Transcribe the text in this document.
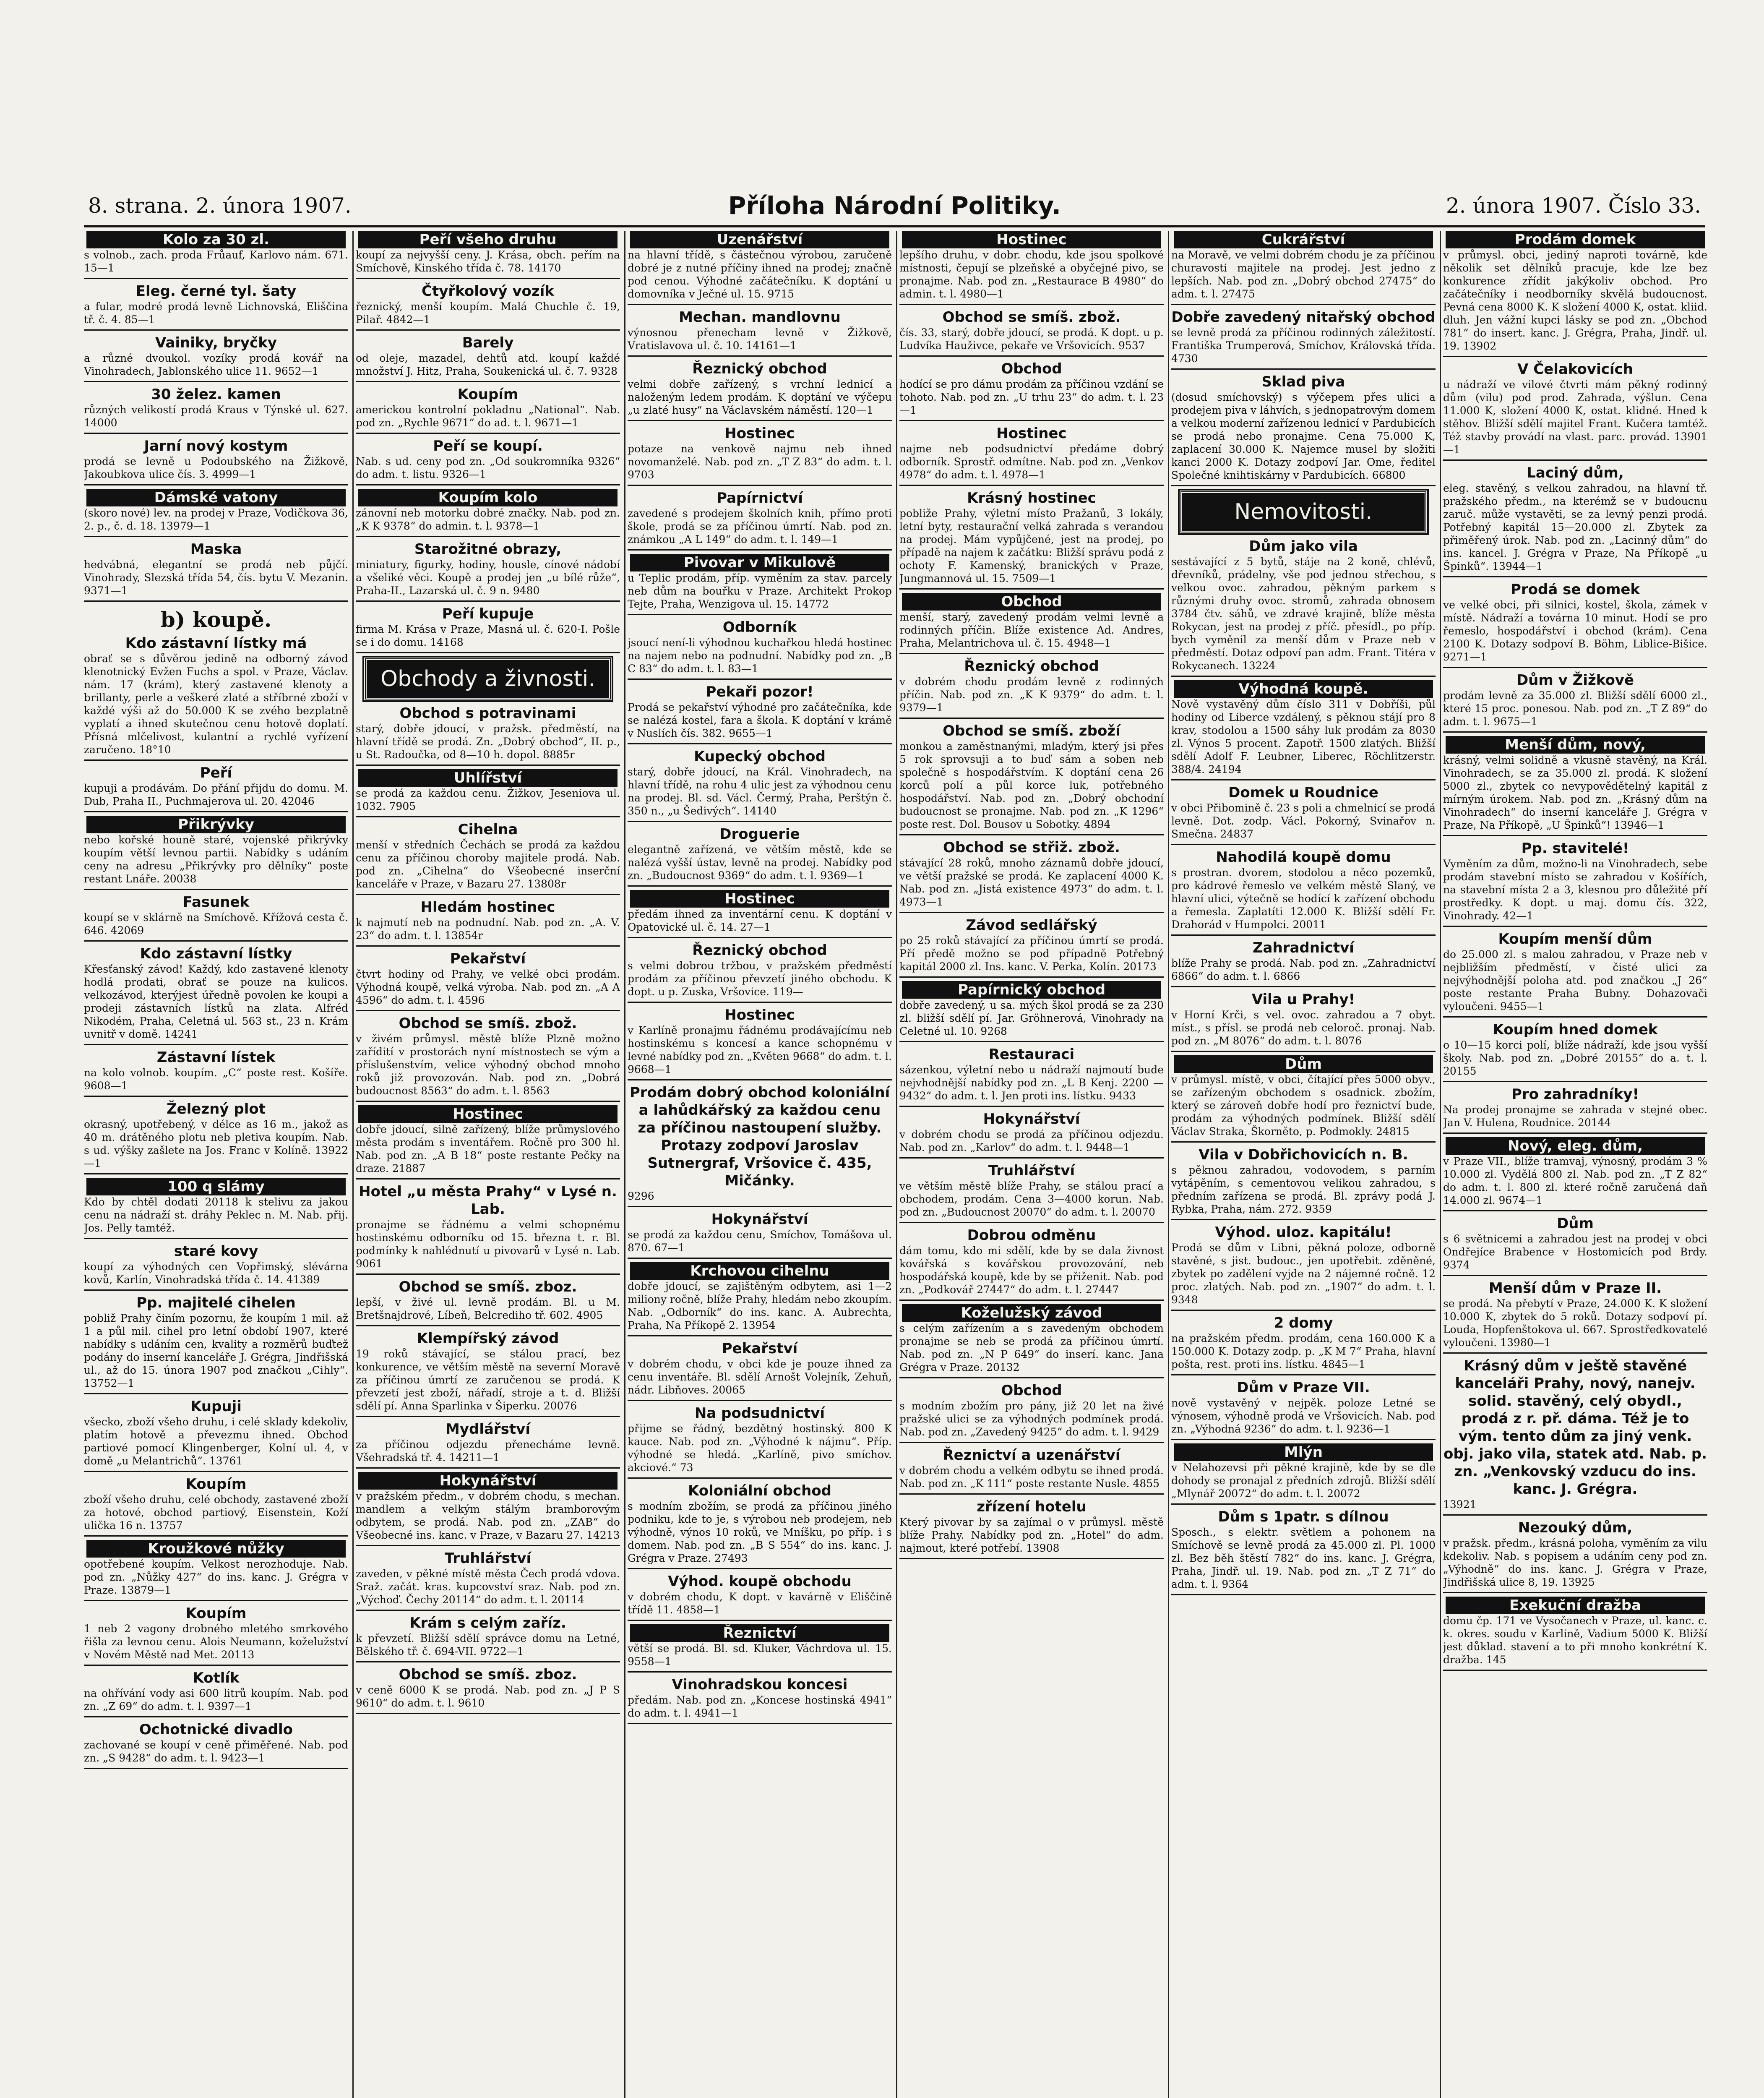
8. strana. 2. února 1907.	Příloha Národní Politiky.	2. února 1907. Číslo 33.
Kolo za 30 zl.
s volnob., zach. proda Frůauf, Karlovo nám. 671. 15—1
Eleg. černé tyl. šaty
a fular, modré prodá levně Lichnovská, Eliščina tř. č. 4. 85—1
Vainiky, bryčky
a různé dvoukol. vozíky prodá kovář na Vinohradech, Jablonského ulice 11. 9652—1
30 želez. kamen
různých velikostí prodá Kraus v Týnské ul. 627. 14000
Jarní nový kostym
prodá se levně u Podoubského na Žižkově, Jakoubkova ulice čís. 3. 4999—1
Dámské vatony
(skoro nové) lev. na prodej v Praze, Vodičkova 36, 2. p., č. d. 18. 13979—1
Maska
hedvábná, elegantní se prodá neb půjčí. Vinohrady, Slezská třída 54, čís. bytu V. Mezanin. 9371—1
b) koupě.
Kdo zástavní lístky má
obrať se s důvěrou jedině na odborný závod klenotnický Evžen Fuchs a spol. v Praze, Václav. nám. 17 (krám), který zastavené klenoty a brillanty, perle a veškeré zlaté a stříbrné zboží v každé výši až do 50.000 K se zvého bezplatně vyplatí a ihned skutečnou cenu hotově doplatí. Přísná mlčelivost, kulantní a rychlé vyřízení zaručeno. 18°10
Peří
kupuji a prodávám. Do přání přijdu do domu. M. Dub, Praha II., Puchmajerova ul. 20. 42046
Přikrývky
nebo kořské houně staré, vojenské přikrývky koupím větší levnou partii. Nabídky s udáním ceny na adresu „Přikrývky pro dělníky“ poste restant Lnáře. 20038
Fasunek
koupí se v sklárně na Smíchově. Křížová cesta č. 646. 42069
Kdo zástavní lístky
Křesťanský závod! Každý, kdo zastavené klenoty hodlá prodati, obrať se pouze na kulicos. velkozávod, kterýjest úředně povolen ke koupi a prodeji zástavních lístků na zlata. Alfréd Nikodém, Praha, Celetná ul. 563 st., 23 n. Krám uvnitř v domě. 14241
Zástavní lístek
na kolo volnob. koupím. „C“ poste rest. Košíře. 9608—1
Železný plot
okrasný, upotřebený, v délce as 16 m., jakož as 40 m. drátěného plotu neb pletiva koupím. Nab. s ud. výšky zašlete na Jos. Franc v Kolíně. 13922—1
100 q slámy
Kdo by chtěl dodati 20118 k stelivu za jakou cenu na nádraží st. dráhy Peklec n. M. Nab. přij. Jos. Pelly tamtéž.
staré kovy
koupí za výhodných cen Vopřimský, slévárna kovů, Karlín, Vinohradská třída č. 14. 41389
Pp. majitelé cihelen
pobliž Prahy činím pozornu, že koupím 1 mil. až 1 a půl mil. cihel pro letní období 1907, které nabídky s udáním cen, kvality a rozměrů buďtež podány do inserní kanceláře J. Grégra, Jindřišská ul., až do 15. února 1907 pod značkou „Cihly“. 13752—1
Kupuji
všecko, zboží všeho druhu, i celé sklady kdekoliv, platím hotově a převezmu ihned. Obchod partiové pomocí Klingenberger, Kolní ul. 4, v domě „u Melantrichů“. 13761
Koupím
zboží všeho druhu, celé obchody, zastavené zboží za hotové, obchod partiový, Eisenstein, Koží ulička 16 n. 13757
Kroužkové nůžky
opotřebené koupím. Velkost nerozhoduje. Nab. pod zn. „Nůžky 427“ do ins. kanc. J. Grégra v Praze. 13879—1
Koupím
1 neb 2 vagony drobného mletého smrkového řišla za levnou cenu. Alois Neumann, koželužství v Novém Městě nad Met. 20113
Kotlík
na ohřívání vody asi 600 litrů koupím. Nab. pod zn. „Z 69“ do adm. t. l. 9397—1
Ochotnické divadlo
zachované se koupí v ceně přiměřené. Nab. pod zn. „S 9428“ do adm. t. l. 9423—1
Peří všeho druhu
koupí za nejvyšší ceny. J. Krása, obch. peřím na Smíchově, Kinského třída č. 78. 14170
Čtyřkolový vozík
řeznický, menší koupím. Malá Chuchle č. 19, Pilař. 4842—1
Barely
od oleje, mazadel, dehtů atd. koupí každé množství J. Hitz, Praha, Soukenická ul. č. 7. 9328
Koupím
americkou kontrolní pokladnu „National“. Nab. pod zn. „Rychle 9671“ do ad. t. l. 9671—1
Peří se koupí.
Nab. s ud. ceny pod zn. „Od soukromníka 9326“ do adm. t. listu. 9326—1
Koupím kolo
zánovní neb motorku dobré značky. Nab. pod zn. „K K 9378“ do admin. t. l. 9378—1
Starožitné obrazy,
miniatury, figurky, hodiny, housle, cínové nádobí a všeliké věci. Koupě a prodej jen „u bílé růže“, Praha-II., Lazarská ul. č. 9 n. 9480
Peří kupuje
firma M. Krása v Praze, Masná ul. č. 620-I. Pošle se i do domu. 14168
Obchody a živnosti.
Obchod s potravinami
starý, dobře jdoucí, v pražsk. předměstí, na hlavní třídě se prodá. Zn. „Dobrý obchod“, II. p., u St. Radoučka, od 8—10 h. dopol. 8885r
Uhlířství
se prodá za každou cenu. Žižkov, Jeseniova ul. 1032. 7905
Cihelna
menší v středních Čechách se prodá za každou cenu za příčinou choroby majitele prodá. Nab. pod zn. „Cihelna“ do Všeobecné inserční kanceláře v Praze, v Bazaru 27. 13808r
Hledám hostinec
k najmutí neb na podnudní. Nab. pod zn. „A. V. 23“ do adm. t. l. 13854r
Pekařství
čtvrt hodiny od Prahy, ve velké obci prodám. Výhodná koupě, velká výroba. Nab. pod zn. „A A 4596“ do adm. t. l. 4596
Obchod se smíš. zbož.
v živém průmysl. městě blíže Plzně možno zařídití v prostorách nyní místnostech se vým a příslušenstvím, velice výhodný obchod mnoho roků již provozován. Nab. pod zn. „Dobrá budoucnost 8563“ do adm. t. l. 8563
Hostinec
dobře jdoucí, silně zařízený, blíže průmyslového města prodám s inventářem. Ročně pro 300 hl. Nab. pod zn. „A B 18“ poste restante Pečky na draze. 21887
Hotel „u města Prahy“ v Lysé n. Lab.
pronajme se řádnému a velmi schopnému hostinskému odborníku od 15. března t. r. Bl. podmínky k nahlédnutí u pivovarů v Lysé n. Lab. 9061
Obchod se smíš. zboz.
lepší, v živé ul. levně prodám. Bl. u M. Bretšnajdrové, Líbeň, Belcrediho tř. 602. 4905
Klempířský závod
19 roků stávající, se stálou prací, bez konkurence, ve větším městě na severní Moravě za příčinou úmrtí ze zaručenou se prodá. K převzetí jest zboží, nářadí, stroje a t. d. Bližší sdělí pí. Anna Sparlinka v Šiperku. 20076
Mydlářství
za příčinou odjezdu přenecháme levně. Všehradská tř. 4. 14211—1
Hokynářství
v pražském předm., v dobrém chodu, s mechan. mandlem a velkým stálým bramborovým odbytem, se prodá. Nab. pod zn. „ZAB“ do Všeobecné ins. kanc. v Praze, v Bazaru 27. 14213
Truhlářství
zaveden, v pěkné místě města Čech prodá vdova. Sraž. začát. kras. kupcovství sraz. Nab. pod zn. „Výchoď. Čechy 20114“ do adm. t. l. 20114
Krám s celým zaříz.
k převzetí. Bližší sdělí správce domu na Letné, Bělského tř. č. 694-VII. 9722—1
Obchod se smíš. zboz.
v ceně 6000 K se prodá. Nab. pod zn. „J P S 9610“ do adm. t. l. 9610
Uzenářství
na hlavní třídě, s částečnou výrobou, zaručeně dobré je z nutné příčiny ihned na prodej; značně pod cenou. Výhodné začátečníku. K doptání u domovníka v Ječné ul. 15. 9715
Mechan. mandlovnu
výnosnou přenecham levně v Žižkově, Vratislavova ul. č. 10. 14161—1
Řeznický obchod
velmi dobře zařízený, s vrchní lednicí a naloženým ledem prodám. K doptání ve výčepu „u zlaté husy“ na Václavském náměstí. 120—1
Hostinec
potaze na venkově najmu neb ihned novomanželé. Nab. pod zn. „T Z 83“ do adm. t. l. 9703
Papírnictví
zavedené s prodejem školních knih, přímo proti škole, prodá se za příčinou úmrtí. Nab. pod zn. známkou „A L 149“ do adm. t. l. 149—1
Pivovar v Mikulově
u Teplic prodám, příp. vyměním za stav. parcely neb dům na bouřku v Praze. Architekt Prokop Tejte, Praha, Wenzigova ul. 15. 14772
Odborník
jsoucí není-li výhodnou kuchařkou hledá hostinec na najem nebo na podnudní. Nabídky pod zn. „B C 83“ do adm. t. l. 83—1
Pekaři pozor!
Prodá se pekařství výhodné pro začátečníka, kde se nalézá kostel, fara a škola. K doptání v krámě v Nuslích čís. 382. 9655—1
Kupecký obchod
starý, dobře jdoucí, na Král. Vinohradech, na hlavní třídě, na rohu 4 ulic jest za výhodnou cenu na prodej. Bl. sd. Václ. Čermý, Praha, Perštýn č. 350 n., „u Šedivých“. 14140
Droguerie
elegantně zařízená, ve větším městě, kde se nalézá vyšší ústav, levně na prodej. Nabídky pod zn. „Budoucnost 9369“ do adm. t. l. 9369—1
Hostinec
předám ihned za inventární cenu. K doptání v Opatovické ul. č. 14. 27—1
Řeznický obchod
s velmi dobrou tržbou, v pražském předměstí prodám za příčinou převzetí jiného obchodu. K dopt. u p. Zuska, Vršovice. 119—
Hostinec
v Karlíně pronajmu řádnému prodávajícímu neb hostinskému s koncesí a kance schopnému v levné nabídky pod zn. „Květen 9668“ do adm. t. l. 9668—1
Prodám dobrý obchod koloniální a lahůdkářský za každou cenu za příčinou nastoupení služby. Protazy zodpoví Jaroslav Sutnergraf, Vršovice č. 435, Mičánky.
9296
Hokynářství
se prodá za každou cenu, Smíchov, Tomášova ul. 870. 67—1
Krchovou cihelnu
dobře jdoucí, se zajištěným odbytem, asi 1—2 miliony ročně, blíže Prahy, hledám nebo zkoupím. Nab. „Odborník“ do ins. kanc. A. Aubrechta, Praha, Na Příkopě 2. 13954
Pekařství
v dobrém chodu, v obci kde je pouze ihned za cenu inventáře. Bl. sdělí Arnošt Volejník, Zehuň, nádr. Libňoves. 20065
Na podsudnictví
přijme se řádný, bezdětný hostinský. 800 K kauce. Nab. pod zn. „Výhodné k nájmu“. Příp. výhodné se hledá. „Karlíně, pivo smíchov. akciové.“ 73
Koloniální obchod
s modním zbožím, se prodá za příčinou jiného podniku, kde to je, s výrobou neb prodejem, neb výhodně, výnos 10 roků, ve Mníšku, po příp. i s domem. Nab. pod zn. „B S 554“ do ins. kanc. J. Grégra v Praze. 27493
Výhod. koupě obchodu
v dobrém chodu, K dopt. v kavárně v Eliščině třídě 11. 4858—1
Řeznictví
větší se prodá. Bl. sd. Kluker, Váchrdova ul. 15. 9558—1
Vinohradskou koncesi
předám. Nab. pod zn. „Koncese hostinská 4941“ do adm. t. l. 4941—1
Hostinec
lepšího druhu, v dobr. chodu, kde jsou spolkové místnosti, čepují se plzeňské a obyčejné pivo, se pronajme. Nab. pod zn. „Restaurace B 4980“ do admin. t. l. 4980—1
Obchod se smíš. zbož.
čís. 33, starý, dobře jdoucí, se prodá. K dopt. u p. Ludvíka Hauživce, pekaře ve Vršovicích. 9537
Obchod
hodící se pro dámu prodám za příčinou vzdání se tohoto. Nab. pod zn. „U trhu 23“ do adm. t. l. 23—1
Hostinec
najme neb podsudnictví předáme dobrý odborník. Sprostř. odmítne. Nab. pod zn. „Venkov 4978“ do adm. t. l. 4978—1
Krásný hostinec
pobliže Prahy, výletní místo Pražanů, 3 lokály, letní byty, restaurační velká zahrada s verandou na prodej. Mám vypůjčené, jest na prodej, po případě na najem k začátku: Bližší správu podá z ochoty F. Kamenský, branických v Praze, Jungmannová ul. 15. 7509—1
Obchod
menší, starý, zavedený prodám velmi levně a rodinných příčin. Blíže existence Ad. Andres, Praha, Melantrichova ul. č. 15. 4948—1
Řeznický obchod
v dobrém chodu prodám levně z rodinných příčin. Nab. pod zn. „K K 9379“ do adm. t. l. 9379—1
Obchod se smíš. zboží
monkou a zaměstnanými, mladým, který jsi přes 5 rok sprovsuji a to buď sám a soben neb společně s hospodářstvím. K doptání cena 26 korců polí a půl korce luk, potřebného hospodářství. Nab. pod zn. „Dobrý obchodní budoucnost se pronajme. Nab. pod zn. „K 1296“ poste rest. Dol. Bousov u Sobotky. 4894
Obchod se střiž. zbož.
stávající 28 roků, mnoho záznamů dobře jdoucí, ve větší pražské se prodá. Ke zaplacení 4000 K. Nab. pod zn. „Jistá existence 4973“ do adm. t. l. 4973—1
Závod sedlářský
po 25 roků stávající za příčinou úmrtí se prodá. Pří předě možno se pod případně Potřebný kapitál 2000 zl. Ins. kanc. V. Perka, Kolín. 20173
Papírnický obchod
dobře zavedený, u sa. mých škol prodá se za 230 zl. bližší sdělí pí. Jar. Gröhnerová, Vinohrady na Celetné ul. 10. 9268
Restauraci
sázenkou, výletní nebo u nádraží najmoutí bude nejvhodnější nabídky pod zn. „L B Kenj. 2200 — 9432“ do adm. t. l. Jen proti ins. lístku. 9433
Hokynářství
v dobrém chodu se prodá za příčinou odjezdu. Nab. pod zn. „Karlov“ do adm. t. l. 9448—1
Truhlářství
ve větším městě blíže Prahy, se stálou prací a obchodem, prodám. Cena 3—4000 korun. Nab. pod zn. „Budoucnost 20070“ do adm. t. l. 20070
Dobrou odměnu
dám tomu, kdo mi sdělí, kde by se dala živnost kovářská s kovářskou provozování, neb hospodářská koupě, kde by se přiženit. Nab. pod zn. „Podkovář 27447“ do adm. t. l. 27447
Koželužský závod
s celým zařízením a s zavedeným obchodem pronajme se neb se prodá za příčinou úmrtí. Nab. pod zn. „N P 649“ do inserí. kanc. Jana Grégra v Praze. 20132
Obchod
s modním zbožím pro pány, již 20 let na živé pražské ulici se za výhodných podmínek prodá. Nab. pod zn. „Zavedený 9425“ do adm. t. l. 9429
Řeznictví a uzenářství
v dobrém chodu a velkém odbytu se ihned prodá. Nab. pod zn. „K 111“ poste restante Nusle. 4855
zřízení hotelu
Který pivovar by sa zajímal o v průmysl. městě blíže Prahy. Nabídky pod zn. „Hotel“ do adm. najmout, které potřebí. 13908
Cukrářství
na Moravě, ve velmi dobrém chodu je za příčinou churavosti majitele na prodej. Jest jedno z lepších. Nab. pod zn. „Dobrý obchod 27475“ do adm. t. l. 27475
Dobře zavedený nitařský obchod
se levně prodá za příčinou rodinných záležitostí. Františka Trumperová, Smíchov, Královská třída. 4730
Sklad piva
(dosud smíchovský) s výčepem přes ulici a prodejem piva v láhvích, s jednopatrovým domem a velkou moderní zařízenou lednicí v Pardubicích se prodá nebo pronajme. Cena 75.000 K, zaplacení 30.000 K. Najemce musel by složiti kanci 2000 K. Dotazy zodpoví Jar. Ome, ředitel Společné knihtiskárny v Pardubicích. 66800
Nemovitosti.
Dům jako vila
sestávající z 5 bytů, stáje na 2 koně, chlévů, dřevníků, prádelny, vše pod jednou střechou, s velkou ovoc. zahradou, pěkným parkem s různými druhy ovoc. stromů, zahrada obnosem 3784 čtv. sáhů, ve zdravé krajině, blíže města Rokycan, jest na prodej z příč. přesídl., po příp. bych vyměnil za menší dům v Praze neb v předměstí. Dotaz odpoví pan adm. Frant. Titéra v Rokycanech. 13224
Výhodná koupě.
Nově vystavěný dům číslo 311 v Dobříši, půl hodiny od Liberce vzdálený, s pěknou stájí pro 8 krav, stodolou a 1500 sáhy luk prodám za 8030 zl. Výnos 5 procent. Zapotř. 1500 zlatých. Bližší sdělí Adolf F. Leubner, Liberec, Röchlitzerstr. 388/4. 24194
Domek u Roudnice
v obci Přibomině č. 23 s poli a chmelnicí se prodá levně. Dot. zodp. Václ. Pokorný, Svinařov n. Smečna. 24837
Nahodilá koupě domu
s prostran. dvorem, stodolou a něco pozemků, pro kádrové řemeslo ve velkém městě Slaný, ve hlavní ulici, výtečně se hodící k zařízení obchodu a řemesla. Zaplatíti 12.000 K. Bližší sdělí Fr. Drahorád v Humpolci. 20011
Zahradnictví
blíže Prahy se prodá. Nab. pod zn. „Zahradnictví 6866“ do adm. t. l. 6866
Vila u Prahy!
v Horní Krči, s vel. ovoc. zahradou a 7 obyt. míst., s přísl. se prodá neb celoroč. pronaj. Nab. pod zn. „M 8076“ do adm. t. l. 8076
Dům
v průmysl. místě, v obci, čítající přes 5000 obyv., se zařízeným obchodem s osadnick. zbožím, který se zároveň dobře hodí pro řeznictví bude, prodám za výhodných podmínek. Bližší sdělí Václav Straka, Škorněto, p. Podmokly. 24815
Vila v Dobřichovicích n. B.
s pěknou zahradou, vodovodem, s parním vytápěním, s cementovou velikou zahradou, s předním zařízena se prodá. Bl. zprávy podá J. Rybka, Praha, nám. 272. 9359
Výhod. uloz. kapitálu!
Prodá se dům v Libni, pěkná poloze, odborně stavěné, s jist. budouc., jen upotřebit. zděněné, zbytek po zadělení vyjde na 2 nájemné ročně. 12 proc. zlatých. Nab. pod zn. „1907“ do adm. t. l. 9348
2 domy
na pražském předm. prodám, cena 160.000 K a 150.000 K. Dotazy zodp. p. „K M 7“ Praha, hlavní pošta, rest. proti ins. lístku. 4845—1
Dům v Praze VII.
nově vystavěný v nejpěk. poloze Letné se výnosem, výhodně prodá ve Vršovicích. Nab. pod zn. „Výhodná 9236“ do adm. t. l. 9236—1
Mlýn
v Nelahozevsi při pěkné krajině, kde by se dle dohody se pronajal z předních zdrojů. Bližší sdělí „Mlynář 20072“ do adm. t. l. 20072
Dům s 1patr. s dílnou
Sposch., s elektr. světlem a pohonem na Smíchově se levně prodá za 45.000 zl. Pl. 1000 zl. Bez běh štěstí 782“ do ins. kanc. J. Grégra, Praha, Jindř. ul. 19. Nab. pod zn. „T Z 71“ do adm. t. l. 9364
Prodám domek
v průmysl. obci, jediný naproti továrně, kde několik set dělníků pracuje, kde lze bez konkurence zřídit jakýkoliv obchod. Pro začátečníky i neodborníky skvělá budoucnost. Pevná cena 8000 K. K složení 4000 K, ostat. kliid. dluh. Jen vážní kupci lásky se pod zn. „Obchod 781“ do insert. kanc. J. Grégra, Praha, Jindř. ul. 19. 13902
V Čelakovicích
u nádraží ve vilové čtvrti mám pěkný rodinný dům (vilu) pod prod. Zahrada, výšlun. Cena 11.000 K, složení 4000 K, ostat. klidné. Hned k stěhov. Bližší sdělí majitel Frant. Kučera tamtéž. Též stavby provádí na vlast. parc. provád. 13901—1
Laciný dům,
eleg. stavěný, s velkou zahradou, na hlavní tř. pražského předm., na kterémž se v budoucnu zaruč. může vystavěti, se za levný penzi prodá. Potřebný kapitál 15—20.000 zl. Zbytek za přiměřený úrok. Nab. pod zn. „Lacinný dům“ do ins. kancel. J. Grégra v Praze, Na Příkopě „u Špinků“. 13944—1
Prodá se domek
ve velké obci, při silnici, kostel, škola, zámek v místě. Nádraží a továrna 10 minut. Hodí se pro řemeslo, hospodářství i obchod (krám). Cena 2100 K. Dotazy sodpoví B. Böhm, Liblice-Bišice. 9271—1
Dům v Žižkově
prodám levně za 35.000 zl. Bližší sdělí 6000 zl., které 15 proc. ponesou. Nab. pod zn. „T Z 89“ do adm. t. l. 9675—1
Menší dům, nový,
krásný, velmi solidně a vkusně stavěný, na Král. Vinohradech, se za 35.000 zl. prodá. K složení 5000 zl., zbytek co nevypovědětelný kapitál z mírným úrokem. Nab. pod zn. „Krásný dům na Vinohradech“ do inserní kanceláře J. Grégra v Praze, Na Příkopě, „U Špinků“! 13946—1
Pp. stavitelé!
Vyměním za dům, možno-li na Vinohradech, sebe prodám stavební místo se zahradou v Košířích, na stavební místa 2 a 3, klesnou pro důležité pří prostředky. K dopt. u maj. domu čís. 322, Vinohrady. 42—1
Koupím menší dům
do 25.000 zl. s malou zahradou, v Praze neb v nejbližším předměstí, v čisté ulici za nejvýhodnější poloha atd. pod značkou „J 26“ poste restante Praha Bubny. Dohazovači vyloučeni. 9455—1
Koupím hned domek
o 10—15 korci polí, blíže nádraží, kde jsou vyšší školy. Nab. pod zn. „Dobré 20155“ do a. t. l. 20155
Pro zahradníky!
Na prodej pronajme se zahrada v stejné obec. Jan V. Hulena, Roudnice. 20144
Nový, eleg. dům,
v Praze VII., blíže tramvaj, výnosný, prodám 3 % 10.000 zl. Vydělá 800 zl. Nab. pod zn. „T Z 82“ do adm. t. l. 800 zl. které ročně zaručená daň 14.000 zl. 9674—1
Dům
s 6 světnicemi a zahradou jest na prodej v obci Ondřejíce Brabence v Hostomicích pod Brdy. 9374
Menší dům v Praze II.
se prodá. Na přebytí v Praze, 24.000 K. K složení 10.000 K, zbytek do 5 roků. Dotazy sodpoví pí. Louda, Hopfenštokova ul. 667. Sprostředkovatelé vyloučeni. 13980—1
Krásný dům v ještě stavěné kanceláři Prahy, nový, nanejv. solid. stavěný, celý obydl., prodá z r. př. dáma. Též je to vým. tento dům za jiný venk. obj. jako vila, statek atd. Nab. p. zn. „Venkovský vzducu do ins. kanc. J. Grégra.
13921
Nezouký dům,
v pražsk. předm., krásná poloha, vyměním za vilu kdekoliv. Nab. s popisem a udáním ceny pod zn. „Výhodně“ do ins. kanc. J. Grégra v Praze, Jindřišská ulice 8, 19. 13925
Exekuční dražba
domu čp. 171 ve Vysočanech v Praze, ul. kanc. c. k. okres. soudu v Karlině, Vadium 5000 K. Bližší jest důklad. stavení a to při mnoho konkrétní K. dražba. 145
